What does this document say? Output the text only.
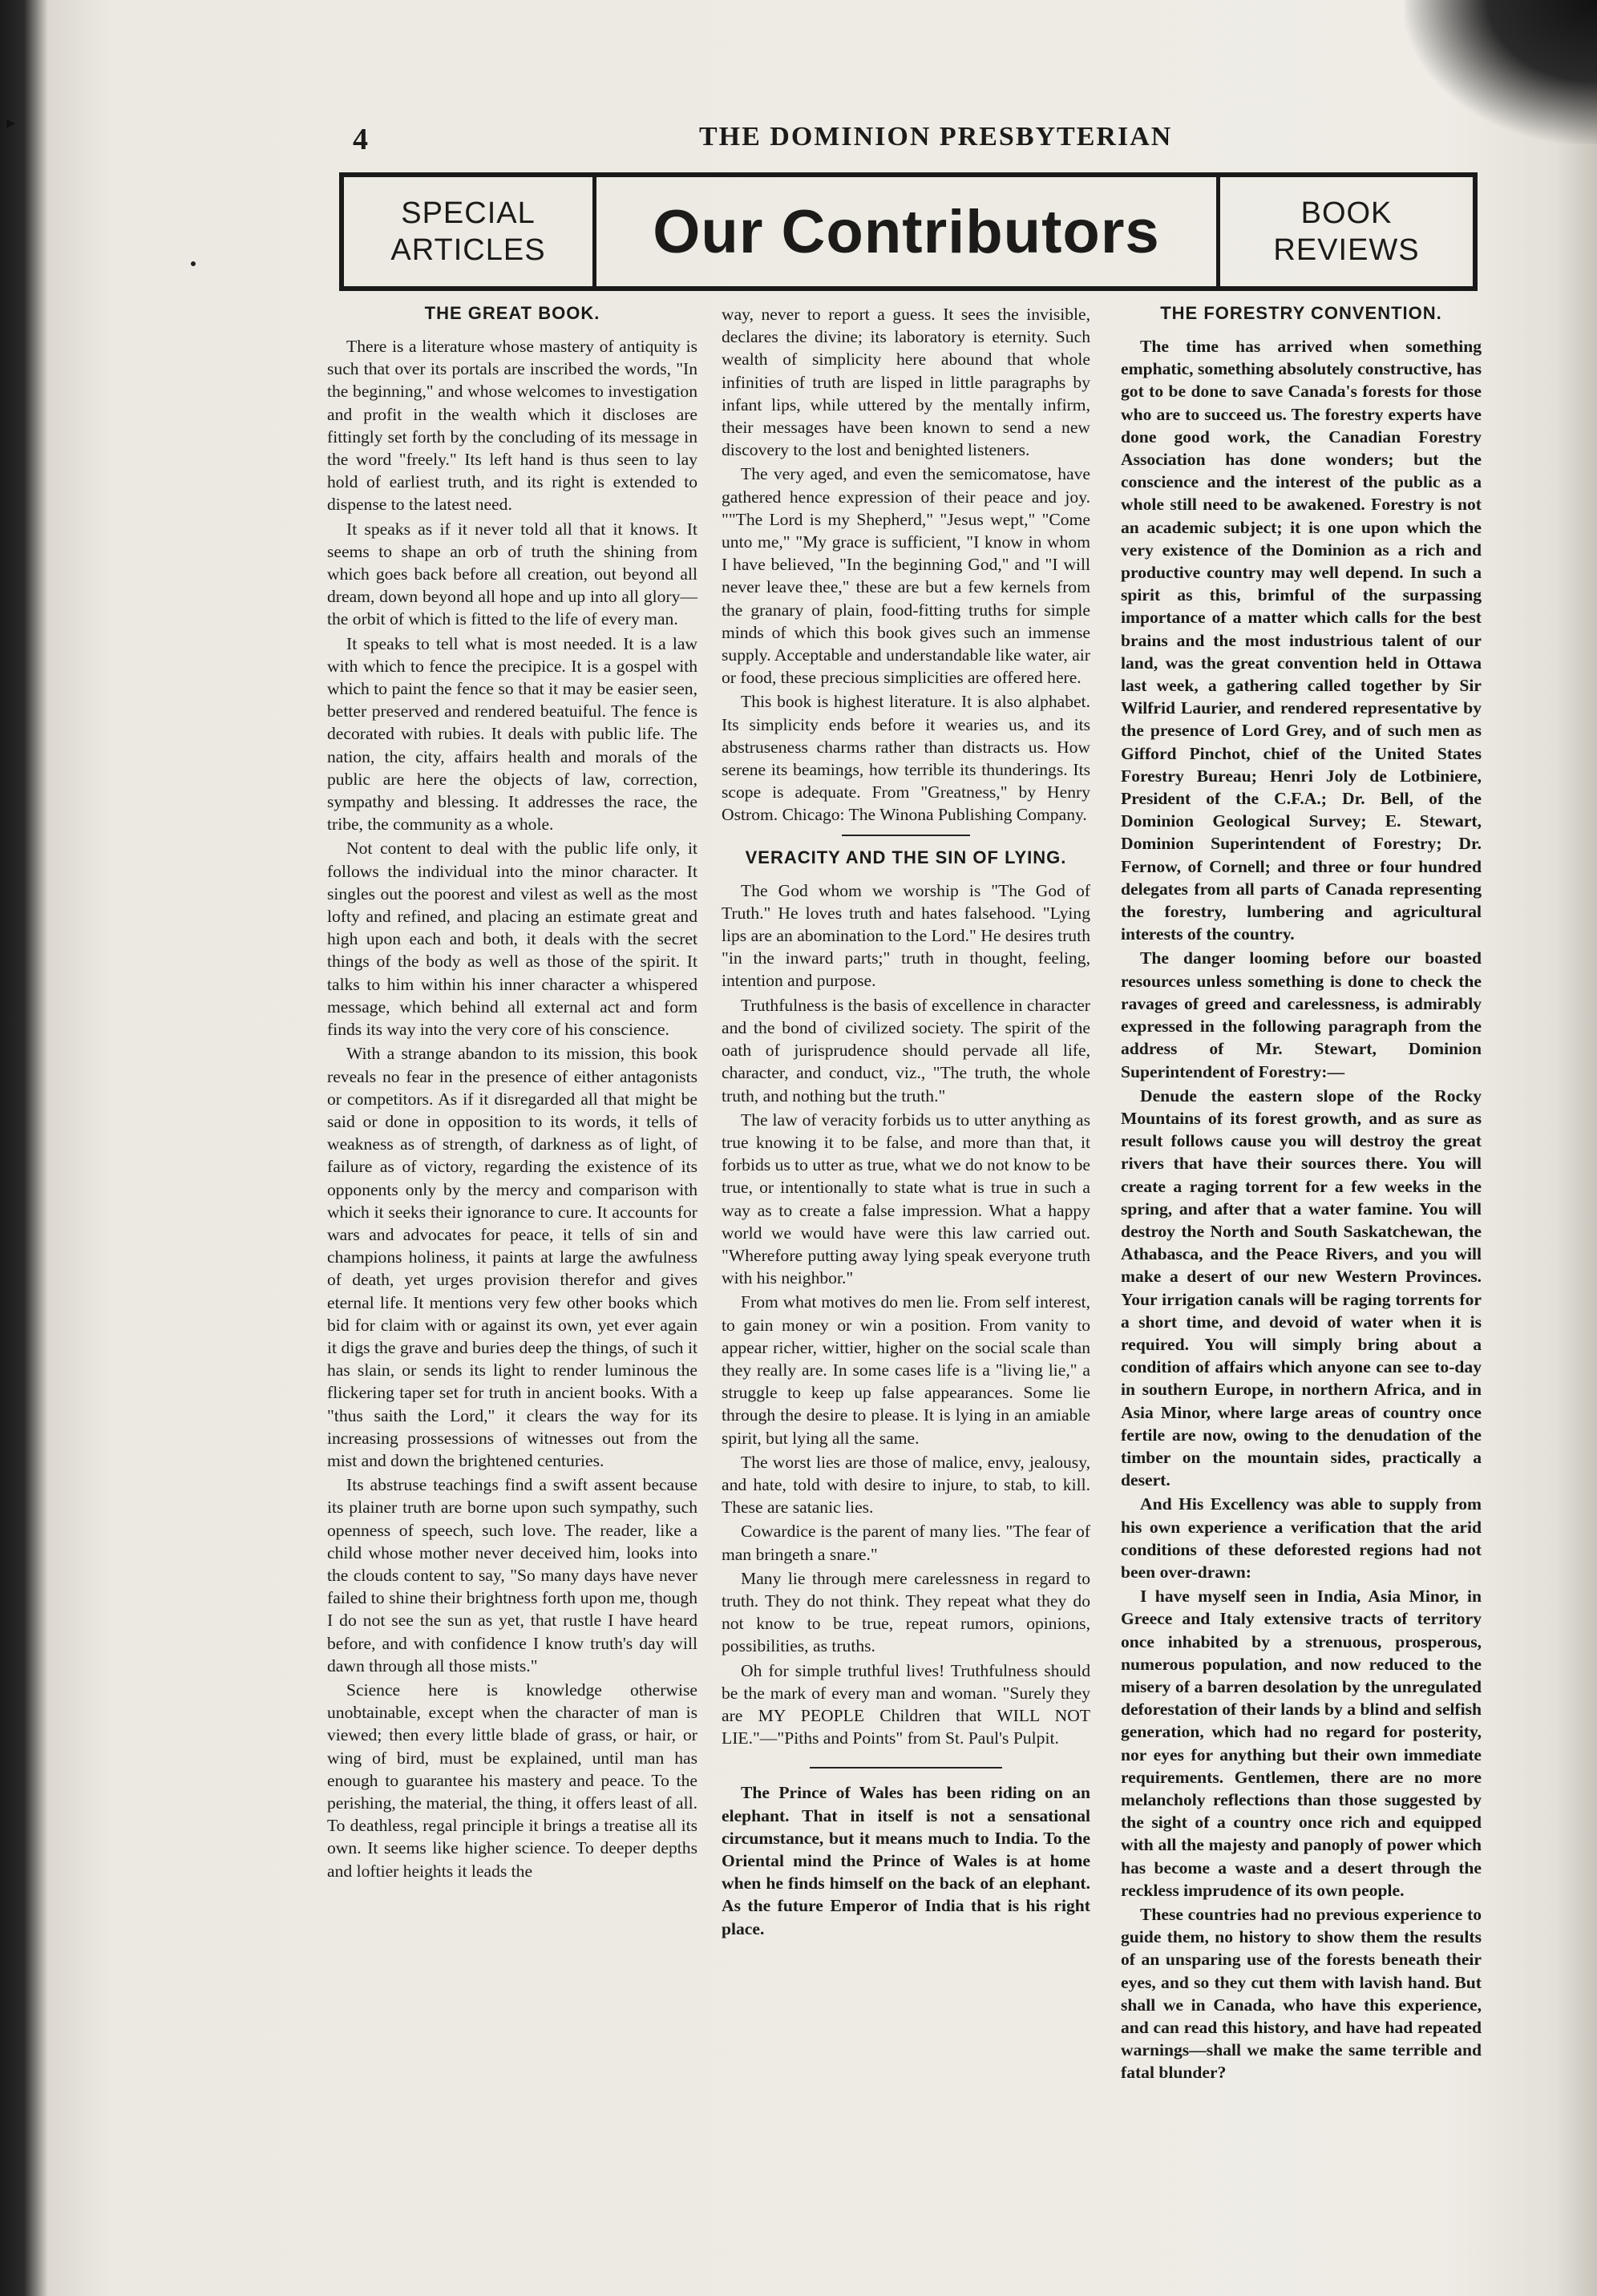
▸
4	THE DOMINION PRESBYTERIAN
SPECIAL
ARTICLES	Our Contributors	BOOK
REVIEWS
THE GREAT BOOK.

There is a literature whose mastery of antiquity is such that over its portals are inscribed the words, "In the beginning," and whose welcomes to investigation and profit in the wealth which it discloses are fittingly set forth by the concluding of its message in the word "freely." Its left hand is thus seen to lay hold of earliest truth, and its right is extended to dispense to the latest need.

It speaks as if it never told all that it knows. It seems to shape an orb of truth the shining from which goes back before all creation, out beyond all dream, down beyond all hope and up into all glory—the orbit of which is fitted to the life of every man.

It speaks to tell what is most needed. It is a law with which to fence the precipice. It is a gospel with which to paint the fence so that it may be easier seen, better preserved and rendered beatuiful. The fence is decorated with rubies. It deals with public life. The nation, the city, affairs health and morals of the public are here the objects of law, correction, sympathy and blessing. It addresses the race, the tribe, the community as a whole.

Not content to deal with the public life only, it follows the individual into the minor character. It singles out the poorest and vilest as well as the most lofty and refined, and placing an estimate great and high upon each and both, it deals with the secret things of the body as well as those of the spirit. It talks to him within his inner character a whispered message, which behind all external act and form finds its way into the very core of his conscience.

With a strange abandon to its mission, this book reveals no fear in the presence of either antagonists or competitors. As if it disregarded all that might be said or done in opposition to its words, it tells of weakness as of strength, of darkness as of light, of failure as of victory, regarding the existence of its opponents only by the mercy and comparison with which it seeks their ignorance to cure. It accounts for wars and advocates for peace, it tells of sin and champions holiness, it paints at large the awfulness of death, yet urges provision therefor and gives eternal life. It mentions very few other books which bid for claim with or against its own, yet ever again it digs the grave and buries deep the things, of such it has slain, or sends its light to render luminous the flickering taper set for truth in ancient books. With a "thus saith the Lord," it clears the way for its increasing prossessions of witnesses out from the mist and down the brightened centuries.

Its abstruse teachings find a swift assent because its plainer truth are borne upon such sympathy, such openness of speech, such love. The reader, like a child whose mother never deceived him, looks into the clouds content to say, "So many days have never failed to shine their brightness forth upon me, though I do not see the sun as yet, that rustle I have heard before, and with confidence I know truth's day will dawn through all those mists."

Science here is knowledge otherwise unobtainable, except when the character of man is viewed; then every little blade of grass, or hair, or wing of bird, must be explained, until man has enough to guarantee his mastery and peace. To the perishing, the material, the thing, it offers least of all. To deathless, regal principle it brings a treatise all its own. It seems like higher science. To deeper depths and loftier heights it leads the

way, never to report a guess. It sees the invisible, declares the divine; its laboratory is eternity. Such wealth of simplicity here abound that whole infinities of truth are lisped in little paragraphs by infant lips, while uttered by the mentally infirm, their messages have been known to send a new discovery to the lost and benighted listeners.

The very aged, and even the semicomatose, have gathered hence expression of their peace and joy. ""The Lord is my Shepherd," "Jesus wept," "Come unto me," "My grace is sufficient, "I know in whom I have believed, "In the beginning God," and "I will never leave thee," these are but a few kernels from the granary of plain, food-fitting truths for simple minds of which this book gives such an immense supply. Acceptable and understandable like water, air or food, these precious simplicities are offered here.

This book is highest literature. It is also alphabet. Its simplicity ends before it wearies us, and its abstruseness charms rather than distracts us. How serene its beamings, how terrible its thunderings. Its scope is adequate. From "Greatness," by Henry Ostrom. Chicago: The Winona Publishing Company.

VERACITY AND THE SIN OF LYING.

The God whom we worship is "The God of Truth." He loves truth and hates falsehood. "Lying lips are an abomination to the Lord." He desires truth "in the inward parts;" truth in thought, feeling, intention and purpose.

Truthfulness is the basis of excellence in character and the bond of civilized society. The spirit of the oath of jurisprudence should pervade all life, character, and conduct, viz., "The truth, the whole truth, and nothing but the truth."

The law of veracity forbids us to utter anything as true knowing it to be false, and more than that, it forbids us to utter as true, what we do not know to be true, or intentionally to state what is true in such a way as to create a false impression. What a happy world we would have were this law carried out. "Wherefore putting away lying speak everyone truth with his neighbor."

From what motives do men lie. From self interest, to gain money or win a position. From vanity to appear richer, wittier, higher on the social scale than they really are. In some cases life is a "living lie," a struggle to keep up false appearances. Some lie through the desire to please. It is lying in an amiable spirit, but lying all the same.

The worst lies are those of malice, envy, jealousy, and hate, told with desire to injure, to stab, to kill. These are satanic lies.

Cowardice is the parent of many lies. "The fear of man bringeth a snare."

Many lie through mere carelessness in regard to truth. They do not think. They repeat what they do not know to be true, repeat rumors, opinions, possibilities, as truths.

Oh for simple truthful lives! Truthfulness should be the mark of every man and woman. "Surely they are MY PEOPLE Children that WILL NOT LIE."—"Piths and Points" from St. Paul's Pulpit.

The Prince of Wales has been riding on an elephant. That in itself is not a sensational circumstance, but it means much to India. To the Oriental mind the Prince of Wales is at home when he finds himself on the back of an elephant. As the future Emperor of India that is his right place.

THE FORESTRY CONVENTION.

The time has arrived when something emphatic, something absolutely constructive, has got to be done to save Canada's forests for those who are to succeed us. The forestry experts have done good work, the Canadian Forestry Association has done wonders; but the conscience and the interest of the public as a whole still need to be awakened. Forestry is not an academic subject; it is one upon which the very existence of the Dominion as a rich and productive country may well depend. In such a spirit as this, brimful of the surpassing importance of a matter which calls for the best brains and the most industrious talent of our land, was the great convention held in Ottawa last week, a gathering called together by Sir Wilfrid Laurier, and rendered representative by the presence of Lord Grey, and of such men as Gifford Pinchot, chief of the United States Forestry Bureau; Henri Joly de Lotbiniere, President of the C.F.A.; Dr. Bell, of the Dominion Geological Survey; E. Stewart, Dominion Superintendent of Forestry; Dr. Fernow, of Cornell; and three or four hundred delegates from all parts of Canada representing the forestry, lumbering and agricultural interests of the country.

The danger looming before our boasted resources unless something is done to check the ravages of greed and carelessness, is admirably expressed in the following paragraph from the address of Mr. Stewart, Dominion Superintendent of Forestry:—

Denude the eastern slope of the Rocky Mountains of its forest growth, and as sure as result follows cause you will destroy the great rivers that have their sources there. You will create a raging torrent for a few weeks in the spring, and after that a water famine. You will destroy the North and South Saskatchewan, the Athabasca, and the Peace Rivers, and you will make a desert of our new Western Provinces. Your irrigation canals will be raging torrents for a short time, and devoid of water when it is required. You will simply bring about a condition of affairs which anyone can see to-day in southern Europe, in northern Africa, and in Asia Minor, where large areas of country once fertile are now, owing to the denudation of the timber on the mountain sides, practically a desert.

And His Excellency was able to supply from his own experience a verification that the arid conditions of these deforested regions had not been over-drawn:

I have myself seen in India, Asia Minor, in Greece and Italy extensive tracts of territory once inhabited by a strenuous, prosperous, numerous population, and now reduced to the misery of a barren desolation by the unregulated deforestation of their lands by a blind and selfish generation, which had no regard for posterity, nor eyes for anything but their own immediate requirements. Gentlemen, there are no more melancholy reflections than those suggested by the sight of a country once rich and equipped with all the majesty and panoply of power which has become a waste and a desert through the reckless imprudence of its own people.

These countries had no previous experience to guide them, no history to show them the results of an unsparing use of the forests beneath their eyes, and so they cut them with lavish hand. But shall we in Canada, who have this experience, and can read this history, and have had repeated warnings—shall we make the same terrible and fatal blunder?
